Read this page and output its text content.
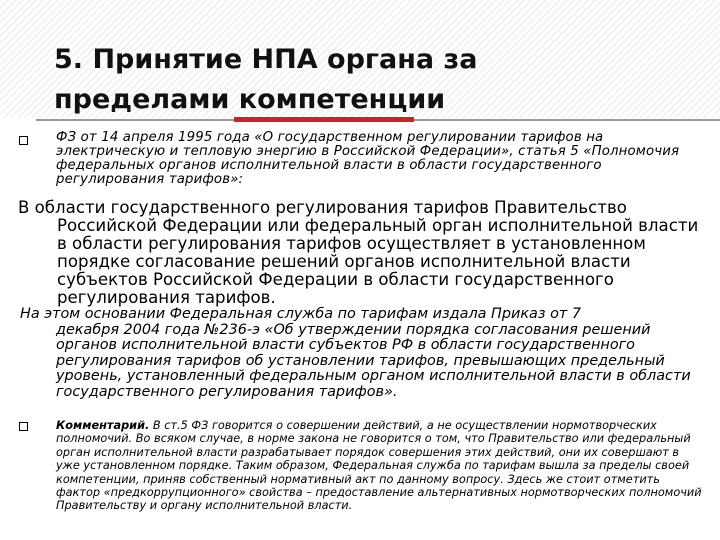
5. Принятие НПА органа за
пределами компетенции

ФЗ от 14 апреля 1995 года «О государственном регулировании тарифов на электрическую и тепловую энергию в Российской Федерации», статья 5 «Полномочия федеральных органов исполнительной власти в области государственного регулирования тарифов»:

В области государственного регулирования тарифов Правительство
Российской Федерации или федеральный орган исполнительной власти в области регулирования тарифов осуществляет в установленном порядке согласование решений органов исполнительной власти субъектов Российской Федерации в области государственного регулирования тарифов.

На этом основании Федеральная служба по тарифам издала Приказ от 7
декабря 2004 года №236-э «Об утверждении порядка согласования решений органов исполнительной власти субъектов РФ в области государственного регулирования тарифов об установлении тарифов, превышающих предельный уровень, установленный федеральным органом исполнительной власти в области государственного регулирования тарифов».

Комментарий. В ст.5 ФЗ говорится о совершении действий, а не осуществлении нормотворческих полномочий. Во всяком случае, в норме закона не говорится о том, что Правительство или федеральный орган исполнительной власти разрабатывает порядок совершения этих действий, они их совершают в уже установленном порядке. Таким образом, Федеральная служба по тарифам вышла за пределы своей компетенции, приняв собственный нормативный акт по данному вопросу. Здесь же стоит отметить фактор «предкоррупционного» свойства – предоставление альтернативных нормотворческих полномочий Правительству и органу исполнительной власти.
